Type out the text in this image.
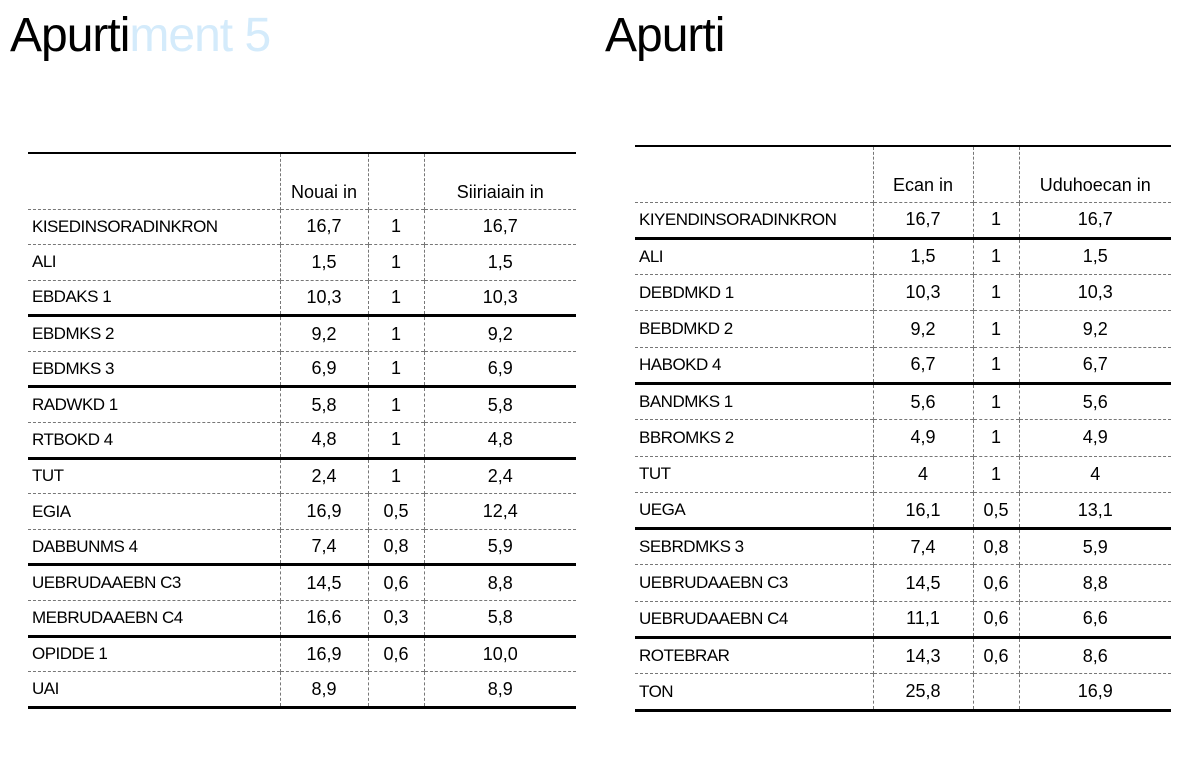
Apurtiment 5	Apurti
	Nouai in		Siiriaiain in
KISEDINSORADINKRON	16,7	1	16,7
ALI	1,5	1	1,5
EBDAKS 1	10,3	1	10,3
EBDMKS 2	9,2	1	9,2
EBDMKS 3	6,9	1	6,9
RADWKD 1	5,8	1	5,8
RTBOKD 4	4,8	1	4,8
TUT	2,4	1	2,4
EGIA	16,9	0,5	12,4
DABBUNMS 4	7,4	0,8	5,9
UEBRUDAAEBN C3	14,5	0,6	8,8
MEBRUDAAEBN C4	16,6	0,3	5,8
OPIDDE 1	16,9	0,6	10,0
UAI	8,9		8,9
	Ecan in		Uduhoecan in
KIYENDINSORADINKRON	16,7	1	16,7
ALI	1,5	1	1,5
DEBDMKD 1	10,3	1	10,3
BEBDMKD 2	9,2	1	9,2
HABOKD 4	6,7	1	6,7
BANDMKS 1	5,6	1	5,6
BBROMKS 2	4,9	1	4,9
TUT	4	1	4
UEGA	16,1	0,5	13,1
SEBRDMKS 3	7,4	0,8	5,9
UEBRUDAAEBN C3	14,5	0,6	8,8
UEBRUDAAEBN C4	11,1	0,6	6,6
ROTEBRAR	14,3	0,6	8,6
TON	25,8		16,9
